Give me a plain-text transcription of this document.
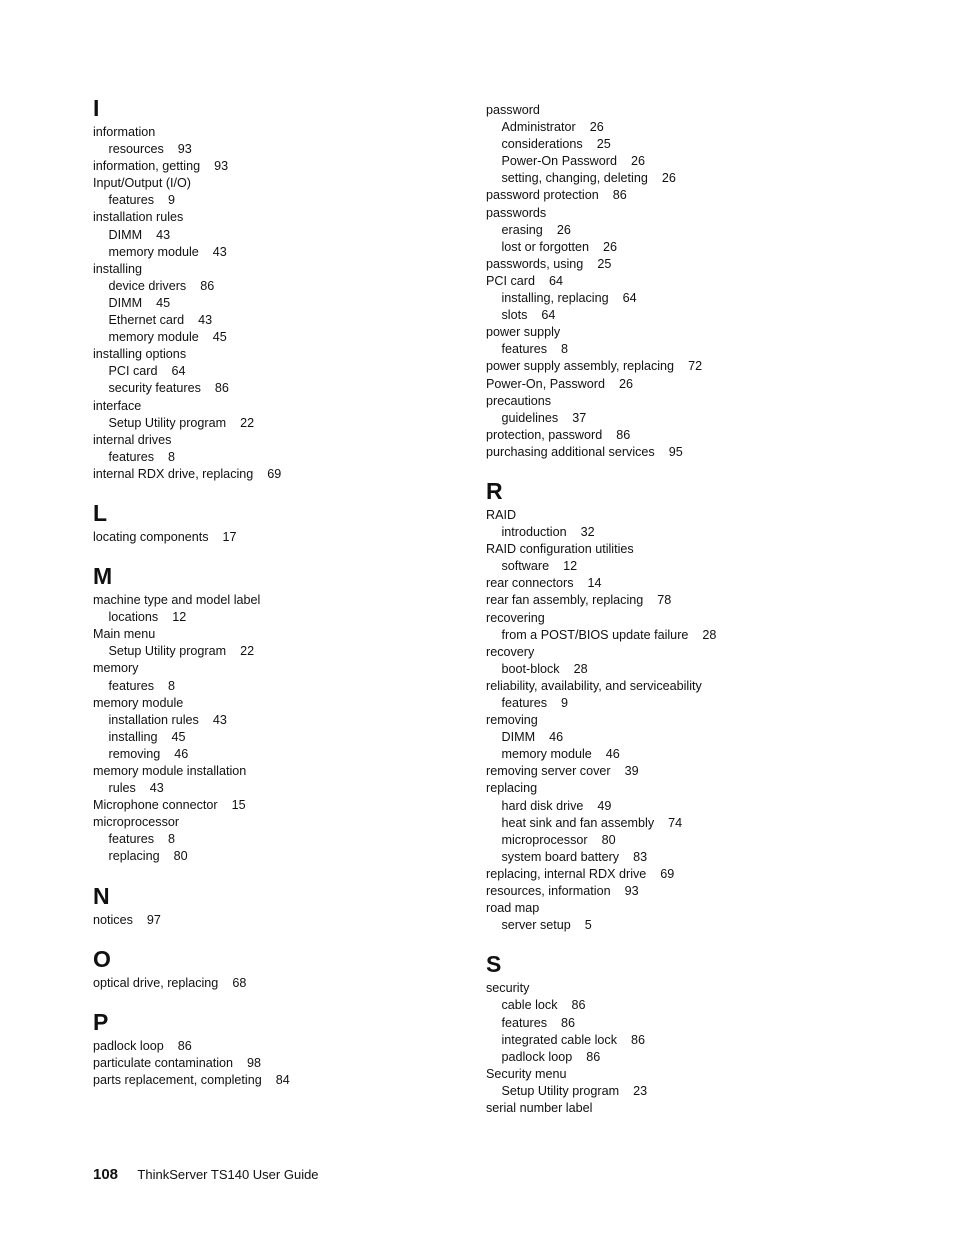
I
information
resources 93
information, getting 93
Input/Output (I/O)
features 9
installation rules
DIMM 43
memory module 43
installing
device drivers 86
DIMM 45
Ethernet card 43
memory module 45
installing options
PCI card 64
security features 86
interface
Setup Utility program 22
internal drives
features 8
internal RDX drive, replacing 69
L
locating components 17
M
machine type and model label
locations 12
Main menu
Setup Utility program 22
memory
features 8
memory module
installation rules 43
installing 45
removing 46
memory module installation
rules 43
Microphone connector 15
microprocessor
features 8
replacing 80
N
notices 97
O
optical drive, replacing 68
P
padlock loop 86
particulate contamination 98
parts replacement, completing 84
password
Administrator 26
considerations 25
Power-On Password 26
setting, changing, deleting 26
password protection 86
passwords
erasing 26
lost or forgotten 26
passwords, using 25
PCI card 64
installing, replacing 64
slots 64
power supply
features 8
power supply assembly, replacing 72
Power-On, Password 26
precautions
guidelines 37
protection, password 86
purchasing additional services 95
R
RAID
introduction 32
RAID configuration utilities
software 12
rear connectors 14
rear fan assembly, replacing 78
recovering
from a POST/BIOS update failure 28
recovery
boot-block 28
reliability, availability, and serviceability
features 9
removing
DIMM 46
memory module 46
removing server cover 39
replacing
hard disk drive 49
heat sink and fan assembly 74
microprocessor 80
system board battery 83
replacing, internal RDX drive 69
resources, information 93
road map
server setup 5
S
security
cable lock 86
features 86
integrated cable lock 86
padlock loop 86
Security menu
Setup Utility program 23
serial number label
108 ThinkServer TS140 User Guide
